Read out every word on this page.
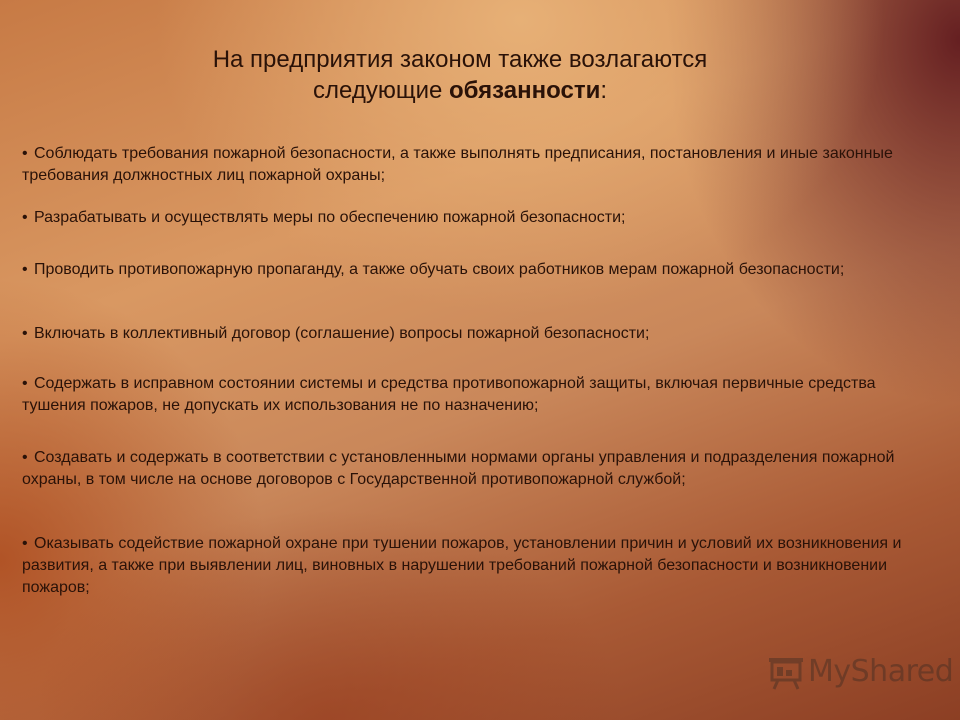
На предприятия законом также возлагаются
следующие обязанности:
• Соблюдать требования пожарной безопасности, а также выполнять предписания, постановления и иные законные требования должностных лиц пожарной охраны;
• Разрабатывать и осуществлять меры по обеспечению пожарной безопасности;
• Проводить противопожарную пропаганду, а также обучать своих работников мерам пожарной безопасности;
• Включать в коллективный договор (соглашение) вопросы пожарной безопасности;
• Содержать в исправном состоянии системы и средства противопожарной защиты, включая первичные средства тушения пожаров, не допускать их использования не по назначению;
• Создавать и содержать в соответствии с установленными нормами органы управления и подразделения пожарной охраны, в том числе на основе договоров с Государственной противопожарной службой;
• Оказывать содействие пожарной охране при тушении пожаров, установлении причин и условий их возникновения и развития, а также при выявлении лиц, виновных в нарушении требований пожарной безопасности и возникновении пожаров;
MyShared
